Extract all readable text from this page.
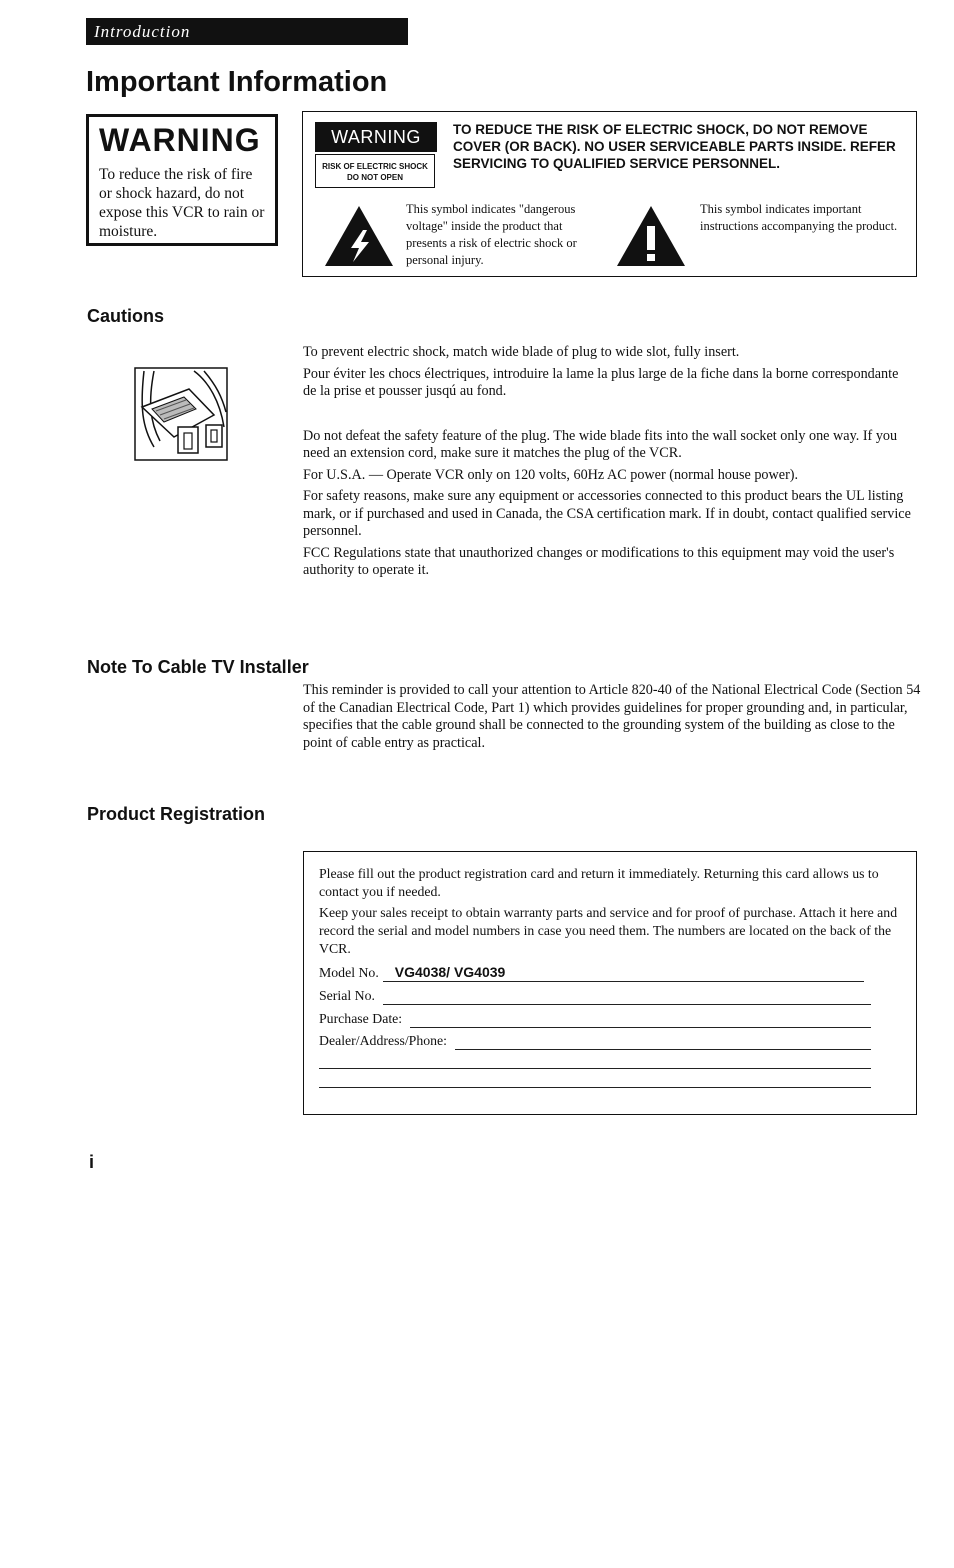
Introduction
Important Information
WARNING
To reduce the risk of fire or shock hazard, do not expose this VCR to rain or moisture.
WARNING
RISK OF ELECTRIC SHOCK
DO NOT OPEN
TO REDUCE THE RISK OF ELECTRIC SHOCK, DO NOT REMOVE COVER (OR BACK). NO USER SERVICEABLE PARTS INSIDE. REFER SERVICING TO QUALIFIED SERVICE PERSONNEL.
This symbol indicates "dangerous voltage" inside the product that presents a risk of electric shock or personal injury.
This symbol indicates important instructions accompanying the product.
Cautions

To prevent electric shock, match wide blade of plug to wide slot, fully insert.

Pour éviter les chocs électriques, introduire la lame la plus large de la fiche dans la borne correspondante de la prise et pousser jusqú au fond.

Do not defeat the safety feature of the plug. The wide blade fits into the wall socket only one way. If you need an extension cord, make sure it matches the plug of the VCR.

For U.S.A. — Operate VCR only on 120 volts, 60Hz AC power (normal house power).

For safety reasons, make sure any equipment or accessories connected to this product bears the UL listing mark, or if purchased and used in Canada, the CSA certification mark. If in doubt, contact qualified service personnel.

FCC Regulations state that unauthorized changes or modifications to this equipment may void the user's authority to operate it.

Note To Cable TV Installer
This reminder is provided to call your attention to Article 820-40 of the National Electrical Code (Section 54 of the Canadian Electrical Code, Part 1) which provides guidelines for proper grounding and, in particular, specifies that the cable ground shall be connected to the grounding system of the building as close to the point of cable entry as practical.
Product Registration
Please fill out the product registration card and return it immediately. Returning this card allows us to contact you if needed.
Keep your sales receipt to obtain warranty parts and service and for proof of purchase. Attach it here and record the serial and model numbers in case you need them. The numbers are located on the back of the VCR.
Model No.	VG4038/ VG4039
Serial No.
Purchase Date:
Dealer/Address/Phone:
i
